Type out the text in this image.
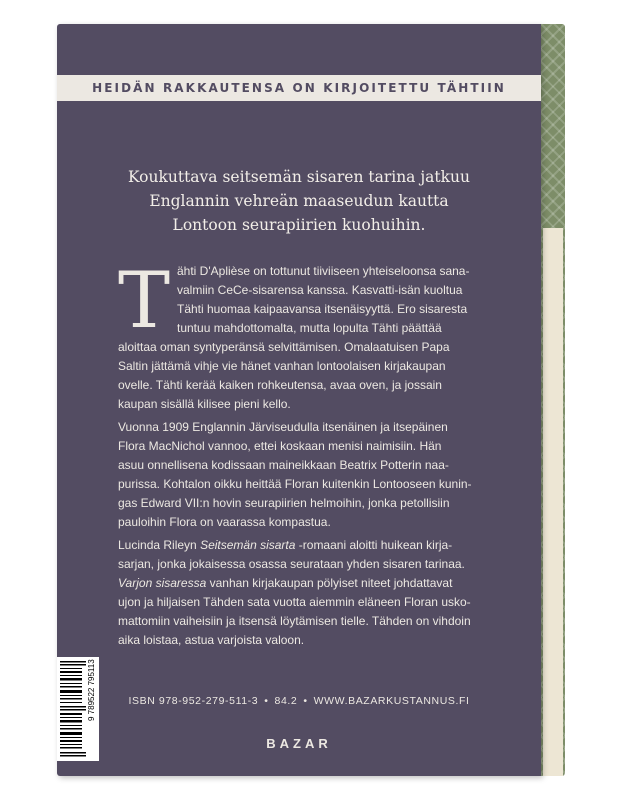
HEIDÄN RAKKAUTENSA ON KIRJOITETTU TÄHTIIN
Koukuttava seitsemän sisaren tarina jatkuu
Englannin vehreän maaseudun kautta
Lontoon seurapiirien kuohuihin.
T ähti D'Aplièse on tottunut tiiviiseen yhteiseloonsa sana-
valmiin CeCe-sisarensa kanssa. Kasvatti-isän kuoltua
Tähti huomaa kaipaavansa itsenäisyyttä. Ero sisaresta
tuntuu mahdottomalta, mutta lopulta Tähti päättää
aloittaa oman syntyperänsä selvittämisen. Omalaatuisen Papa
Saltin jättämä vihje vie hänet vanhan lontoolaisen kirjakaupan
ovelle. Tähti kerää kaiken rohkeutensa, avaa oven, ja jossain
kaupan sisällä kilisee pieni kello.
Vuonna 1909 Englannin Järviseudulla itsenäinen ja itsepäinen
Flora MacNichol vannoo, ettei koskaan menisi naimisiin. Hän
asuu onnellisena kodissaan maineikkaan Beatrix Potterin naa-
purissa. Kohtalon oikku heittää Floran kuitenkin Lontooseen kunin-
gas Edward VII:n hovin seurapiirien helmoihin, jonka petollisiin
pauloihin Flora on vaarassa kompastua.
Lucinda Rileyn Seitsemän sisarta -romaani aloitti huikean kirja-
sarjan, jonka jokaisessa osassa seurataan yhden sisaren tarinaa.
Varjon sisaressa vanhan kirjakaupan pölyiset niteet johdattavat
ujon ja hiljaisen Tähden sata vuotta aiemmin eläneen Floran usko-
mattomiin vaiheisiin ja itsensä löytämisen tielle. Tähden on vihdoin
aika loistaa, astua varjoista valoon.
9 789522 795113	ISBN 978-952-279-511-3 • 84.2 • WWW.BAZARKUSTANNUS.FI
BAZAR
